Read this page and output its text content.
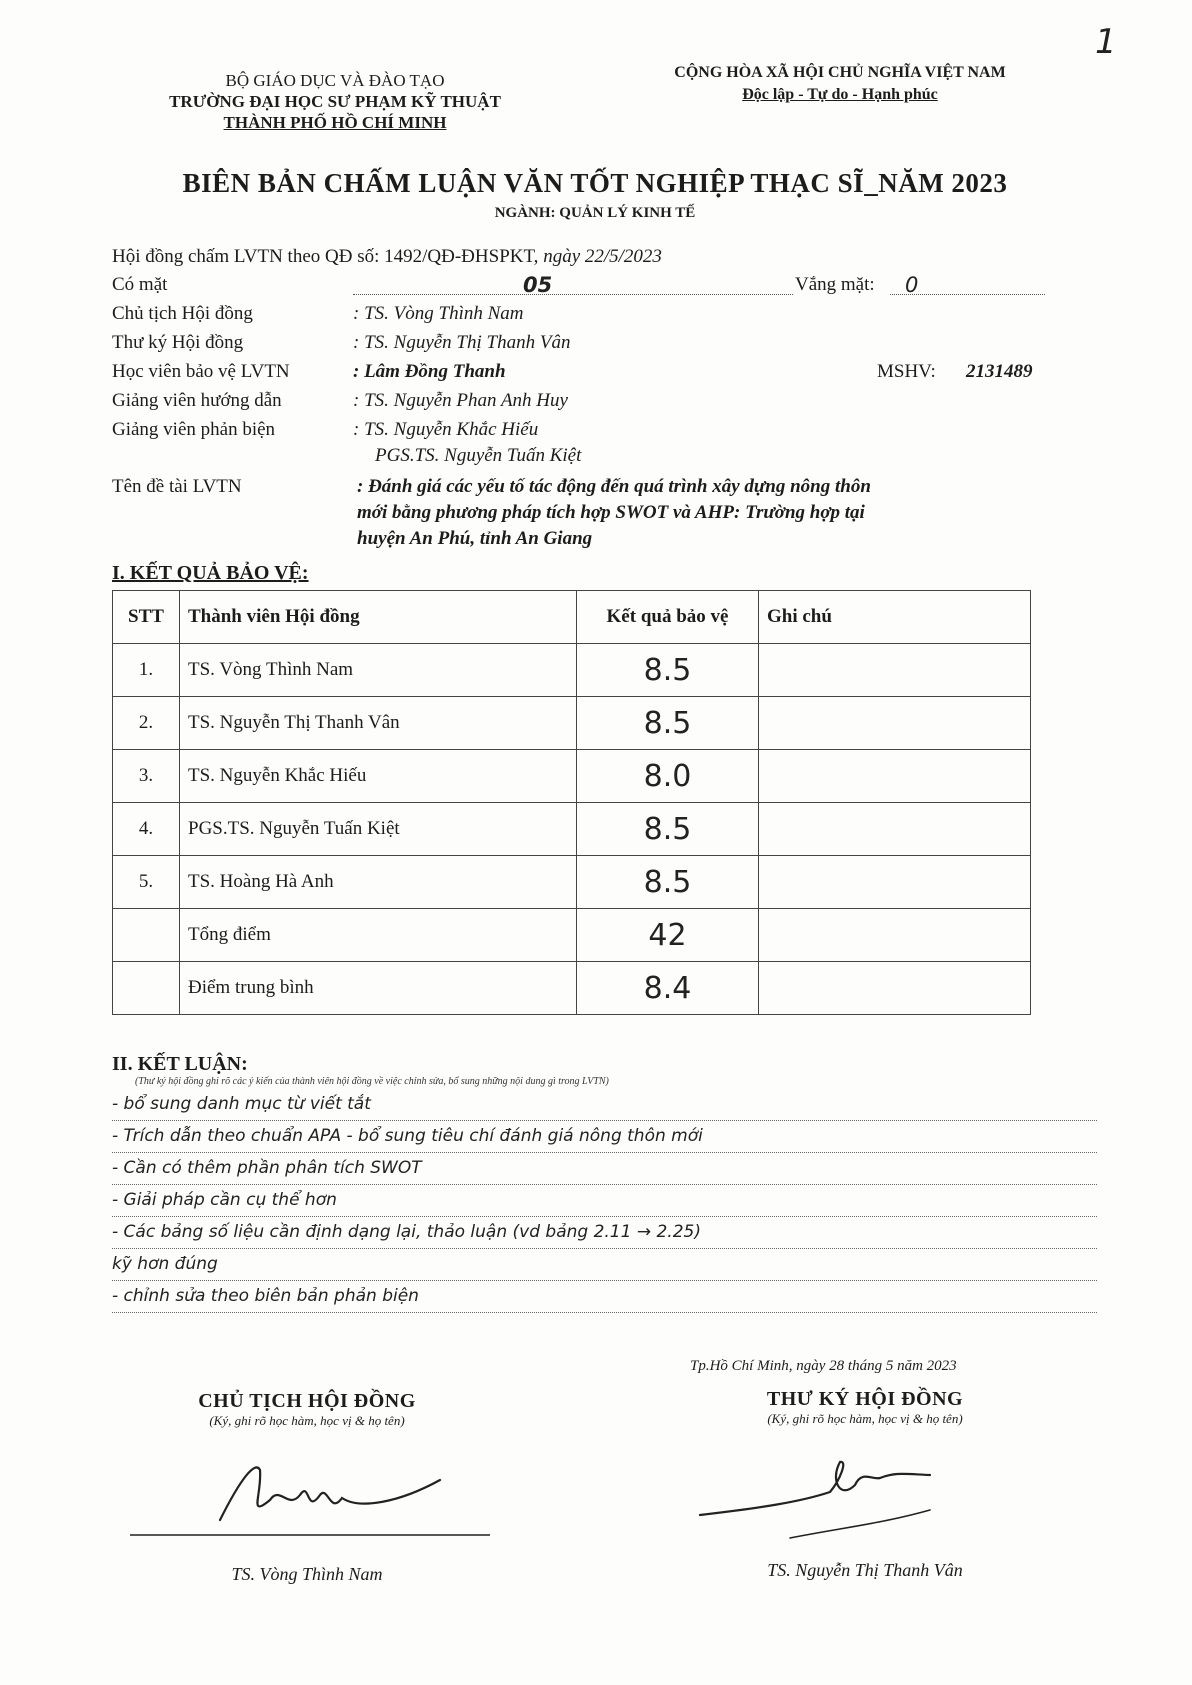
1
BỘ GIÁO DỤC VÀ ĐÀO TẠO
TRƯỜNG ĐẠI HỌC SƯ PHẠM KỸ THUẬT
THÀNH PHỐ HỒ CHÍ MINH
CỘNG HÒA XÃ HỘI CHỦ NGHĨA VIỆT NAM
Độc lập - Tự do - Hạnh phúc
BIÊN BẢN CHẤM LUẬN VĂN TỐT NGHIỆP THẠC SĨ_NĂM 2023
NGÀNH: QUẢN LÝ KINH TẾ
Hội đồng chấm LVTN theo QĐ số: 1492/QĐ-ĐHSPKT, ngày 22/5/2023
Có mặt	05	Vắng mặt: 0
Chủ tịch Hội đồng	: TS. Vòng Thình Nam
Thư ký Hội đồng	: TS. Nguyễn Thị Thanh Vân
Học viên bảo vệ LVTN	: Lâm Đồng Thanh	MSHV: 2131489
Giảng viên hướng dẫn	: TS. Nguyễn Phan Anh Huy
Giảng viên phản biện	: TS. Nguyễn Khắc Hiếu
PGS.TS. Nguyễn Tuấn Kiệt
Tên đề tài LVTN	: Đánh giá các yếu tố tác động đến quá trình xây dựng nông thôn
mới bằng phương pháp tích hợp SWOT và AHP: Trường hợp tại
huyện An Phú, tỉnh An Giang
I. KẾT QUẢ BẢO VỆ:
STT	Thành viên Hội đồng	Kết quả bảo vệ	Ghi chú
1.	TS. Vòng Thình Nam	8.5	
2.	TS. Nguyễn Thị Thanh Vân	8.5	
3.	TS. Nguyễn Khắc Hiếu	8.0	
4.	PGS.TS. Nguyễn Tuấn Kiệt	8.5	
5.	TS. Hoàng Hà Anh	8.5	
	Tổng điểm	42	
	Điểm trung bình	8.4	
II. KẾT LUẬN:
(Thư ký hội đồng ghi rõ các ý kiến của thành viên hội đồng về việc chỉnh sửa, bổ sung những nội dung gì trong LVTN)
- bổ sung danh mục từ viết tắt
- Trích dẫn theo chuẩn APA - bổ sung tiêu chí đánh giá nông thôn mới
- Cần có thêm phần phân tích SWOT
- Giải pháp cần cụ thể hơn
- Các bảng số liệu cần định dạng lại, thảo luận (vd bảng 2.11 → 2.25)
kỹ hơn đúng
- chỉnh sửa theo biên bản phản biện
Tp.Hồ Chí Minh, ngày 28 tháng 5 năm 2023
CHỦ TỊCH HỘI ĐỒNG
(Ký, ghi rõ học hàm, học vị & họ tên)
TS. Vòng Thình Nam
THƯ KÝ HỘI ĐỒNG
(Ký, ghi rõ học hàm, học vị & họ tên)
TS. Nguyễn Thị Thanh Vân
